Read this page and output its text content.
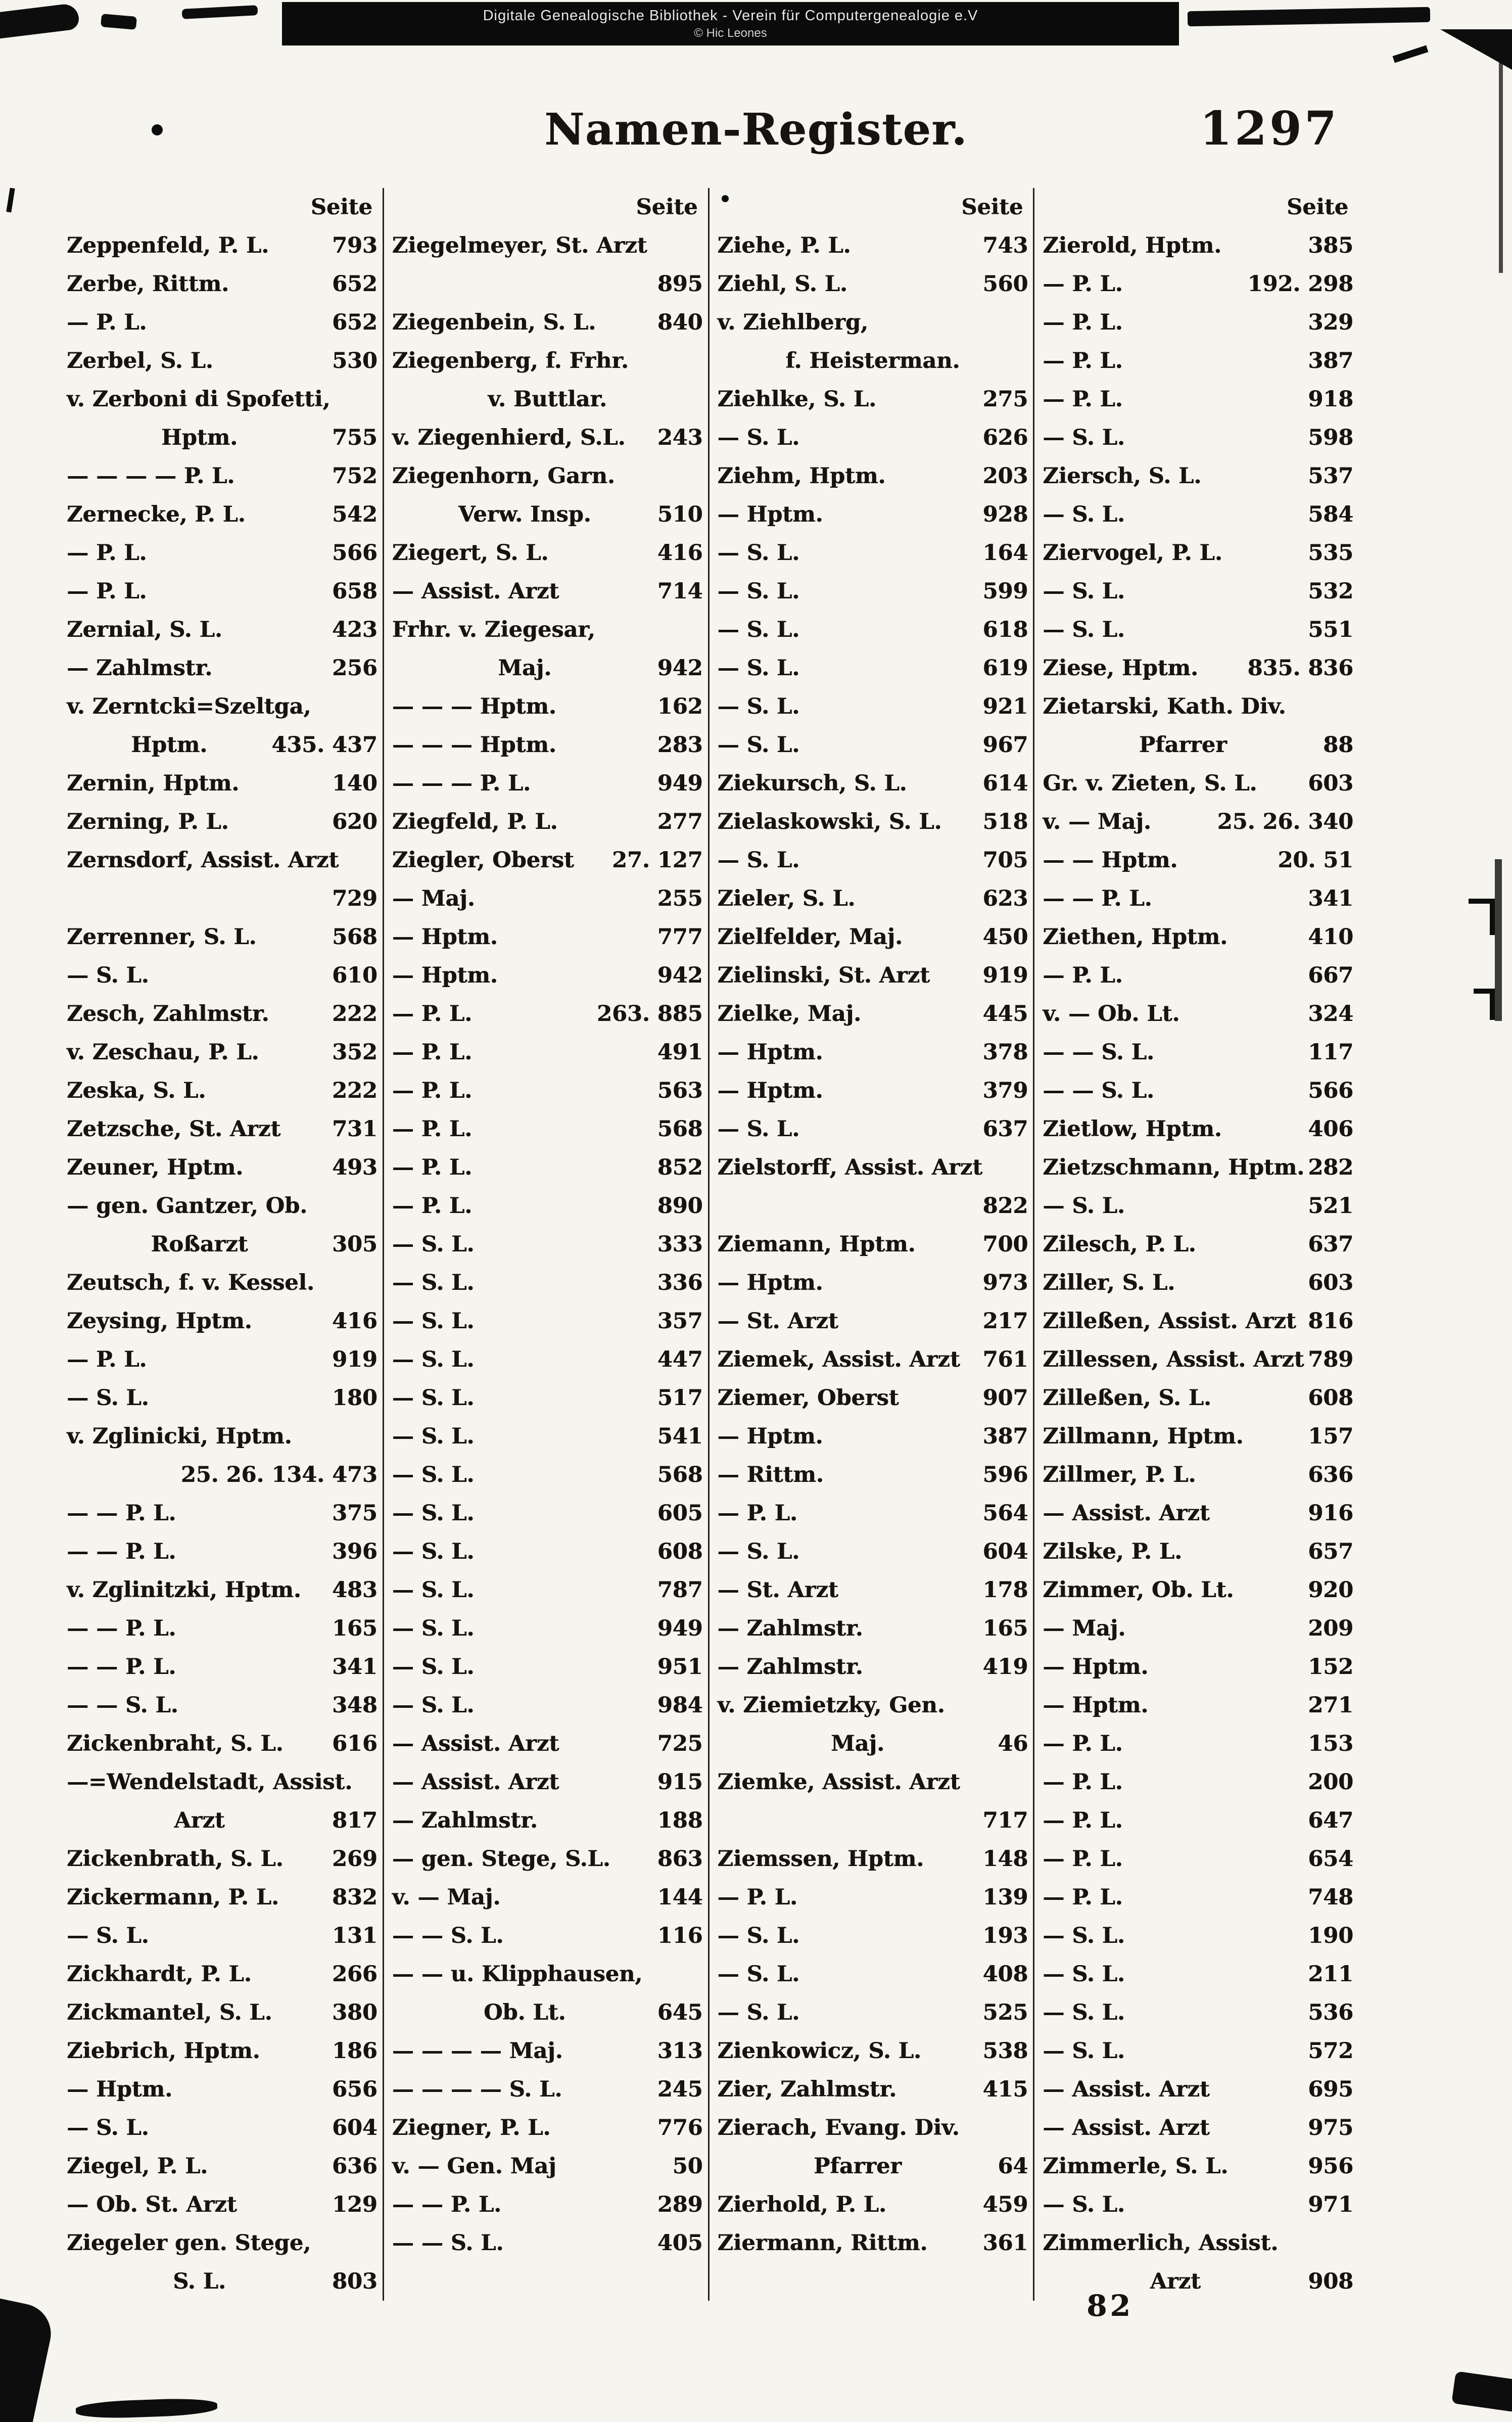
Digitale Genealogische Bibliothek - Verein für Computergenealogie e.V
© Hic Leones
Namen-Register.	1297
Seite
Zeppenfeld, P. L.	793
Zerbe, Rittm.	652
— P. L.	652
Zerbel, S. L.	530
v. Zerboni di Spofetti,
Hptm.	755
— — — — P. L.	752
Zernecke, P. L.	542
— P. L.	566
— P. L.	658
Zernial, S. L.	423
— Zahlmstr.	256
v. Zerntcki=Szeltga,
Hptm.	435. 437
Zernin, Hptm.	140
Zerning, P. L.	620
Zernsdorf, Assist. Arzt
729
Zerrenner, S. L.	568
— S. L.	610
Zesch, Zahlmstr.	222
v. Zeschau, P. L.	352
Zeska, S. L.	222
Zetzsche, St. Arzt 731
Zeuner, Hptm.	493
— gen. Gantzer, Ob.
Roßarzt	305
Zeutsch, f. v. Kessel.
Zeysing, Hptm.	416
— P. L.	919
— S. L.	180
v. Zglinicki, Hptm.
25. 26. 134. 473
— — P. L.	375
— — P. L.	396
v. Zglinitzki, Hptm. 483
— — P. L.	165
— — P. L.	341
— — S. L.	348
Zickenbraht, S. L. 616
—=Wendelstadt, Assist.
Arzt	817
Zickenbrath, S. L. 269
Zickermann, P. L. 832
— S. L.	131
Zickhardt, P. L.	266
Zickmantel, S. L.	380
Ziebrich, Hptm.	186
— Hptm.	656
— S. L.	604
Ziegel, P. L.	636
— Ob. St. Arzt	129
Ziegeler gen. Stege,
S. L.	803
Seite
Ziegelmeyer, St. Arzt
895
Ziegenbein, S. L.	840
Ziegenberg, f. Frhr.
v. Buttlar.
v. Ziegenhierd, S.L. 243
Ziegenhorn, Garn.
Verw. Insp.	510
Ziegert, S. L.	416
— Assist. Arzt	714
Frhr. v. Ziegesar,
Maj.	942
— — — Hptm.	162
— — — Hptm.	283
— — — P. L.	949
Ziegfeld, P. L.	277
Ziegler, Oberst 27. 127
— Maj.	255
— Hptm.	777
— Hptm.	942
— P. L.	263. 885
— P. L.	491
— P. L.	563
— P. L.	568
— P. L.	852
— P. L.	890
— S. L.	333
— S. L.	336
— S. L.	357
— S. L.	447
— S. L.	517
— S. L.	541
— S. L.	568
— S. L.	605
— S. L.	608
— S. L.	787
— S. L.	949
— S. L.	951
— S. L.	984
— Assist. Arzt	725
— Assist. Arzt	915
— Zahlmstr.	188
— gen. Stege, S.L. 863
v. — Maj.	144
— — S. L.	116
— — u. Klipphausen,
Ob. Lt.	645
— — — — Maj.	313
— — — — S. L.	245
Ziegner, P. L.	776
v. — Gen. Maj	50
— — P. L.	289
— — S. L.	405
Seite
Ziehe, P. L.	743
Ziehl, S. L.	560
v. Ziehlberg,
f. Heisterman.
Ziehlke, S. L.	275
— S. L.	626
Ziehm, Hptm.	203
— Hptm.	928
— S. L.	164
— S. L.	599
— S. L.	618
— S. L.	619
— S. L.	921
— S. L.	967
Ziekursch, S. L.	614
Zielaskowski, S. L. 518
— S. L.	705
Zieler, S. L.	623
Zielfelder, Maj.	450
Zielinski, St. Arzt 919
Zielke, Maj.	445
— Hptm.	378
— Hptm.	379
— S. L.	637
Zielstorff, Assist. Arzt
822
Ziemann, Hptm.	700
— Hptm.	973
— St. Arzt	217
Ziemek, Assist. Arzt 761
Ziemer, Oberst	907
— Hptm.	387
— Rittm.	596
— P. L.	564
— S. L.	604
— St. Arzt	178
— Zahlmstr.	165
— Zahlmstr.	419
v. Ziemietzky, Gen.
Maj.	46
Ziemke, Assist. Arzt
717
Ziemssen, Hptm.	148
— P. L.	139
— S. L.	193
— S. L.	408
— S. L.	525
Zienkowicz, S. L.	538
Zier, Zahlmstr.	415
Zierach, Evang. Div.
Pfarrer	64
Zierhold, P. L.	459
Ziermann, Rittm.	361
Seite
Zierold, Hptm.	385
— P. L.	192. 298
— P. L.	329
— P. L.	387
— P. L.	918
— S. L.	598
Ziersch, S. L.	537
— S. L.	584
Ziervogel, P. L.	535
— S. L.	532
— S. L.	551
Ziese, Hptm. 835. 836
Zietarski, Kath. Div.
Pfarrer	88
Gr. v. Zieten, S. L. 603
v. — Maj.	25. 26. 340
— — Hptm.	20. 51
— — P. L.	341
Ziethen, Hptm.	410
— P. L.	667
v. — Ob. Lt.	324
— — S. L.	117
— — S. L.	566
Zietlow, Hptm.	406
Zietzschmann, Hptm. 282
— S. L.	521
Zilesch, P. L.	637
Ziller, S. L.	603
Zilleßen, Assist. Arzt 816
Zillessen, Assist. Arzt 789
Zilleßen, S. L.	608
Zillmann, Hptm.	157
Zillmer, P. L.	636
— Assist. Arzt	916
Zilske, P. L.	657
Zimmer, Ob. Lt.	920
— Maj.	209
— Hptm.	152
— Hptm.	271
— P. L.	153
— P. L.	200
— P. L.	647
— P. L.	654
— P. L.	748
— S. L.	190
— S. L.	211
— S. L.	536
— S. L.	572
— Assist. Arzt	695
— Assist. Arzt	975
Zimmerle, S. L.	956
— S. L.	971
Zimmerlich, Assist.
Arzt	908
82
